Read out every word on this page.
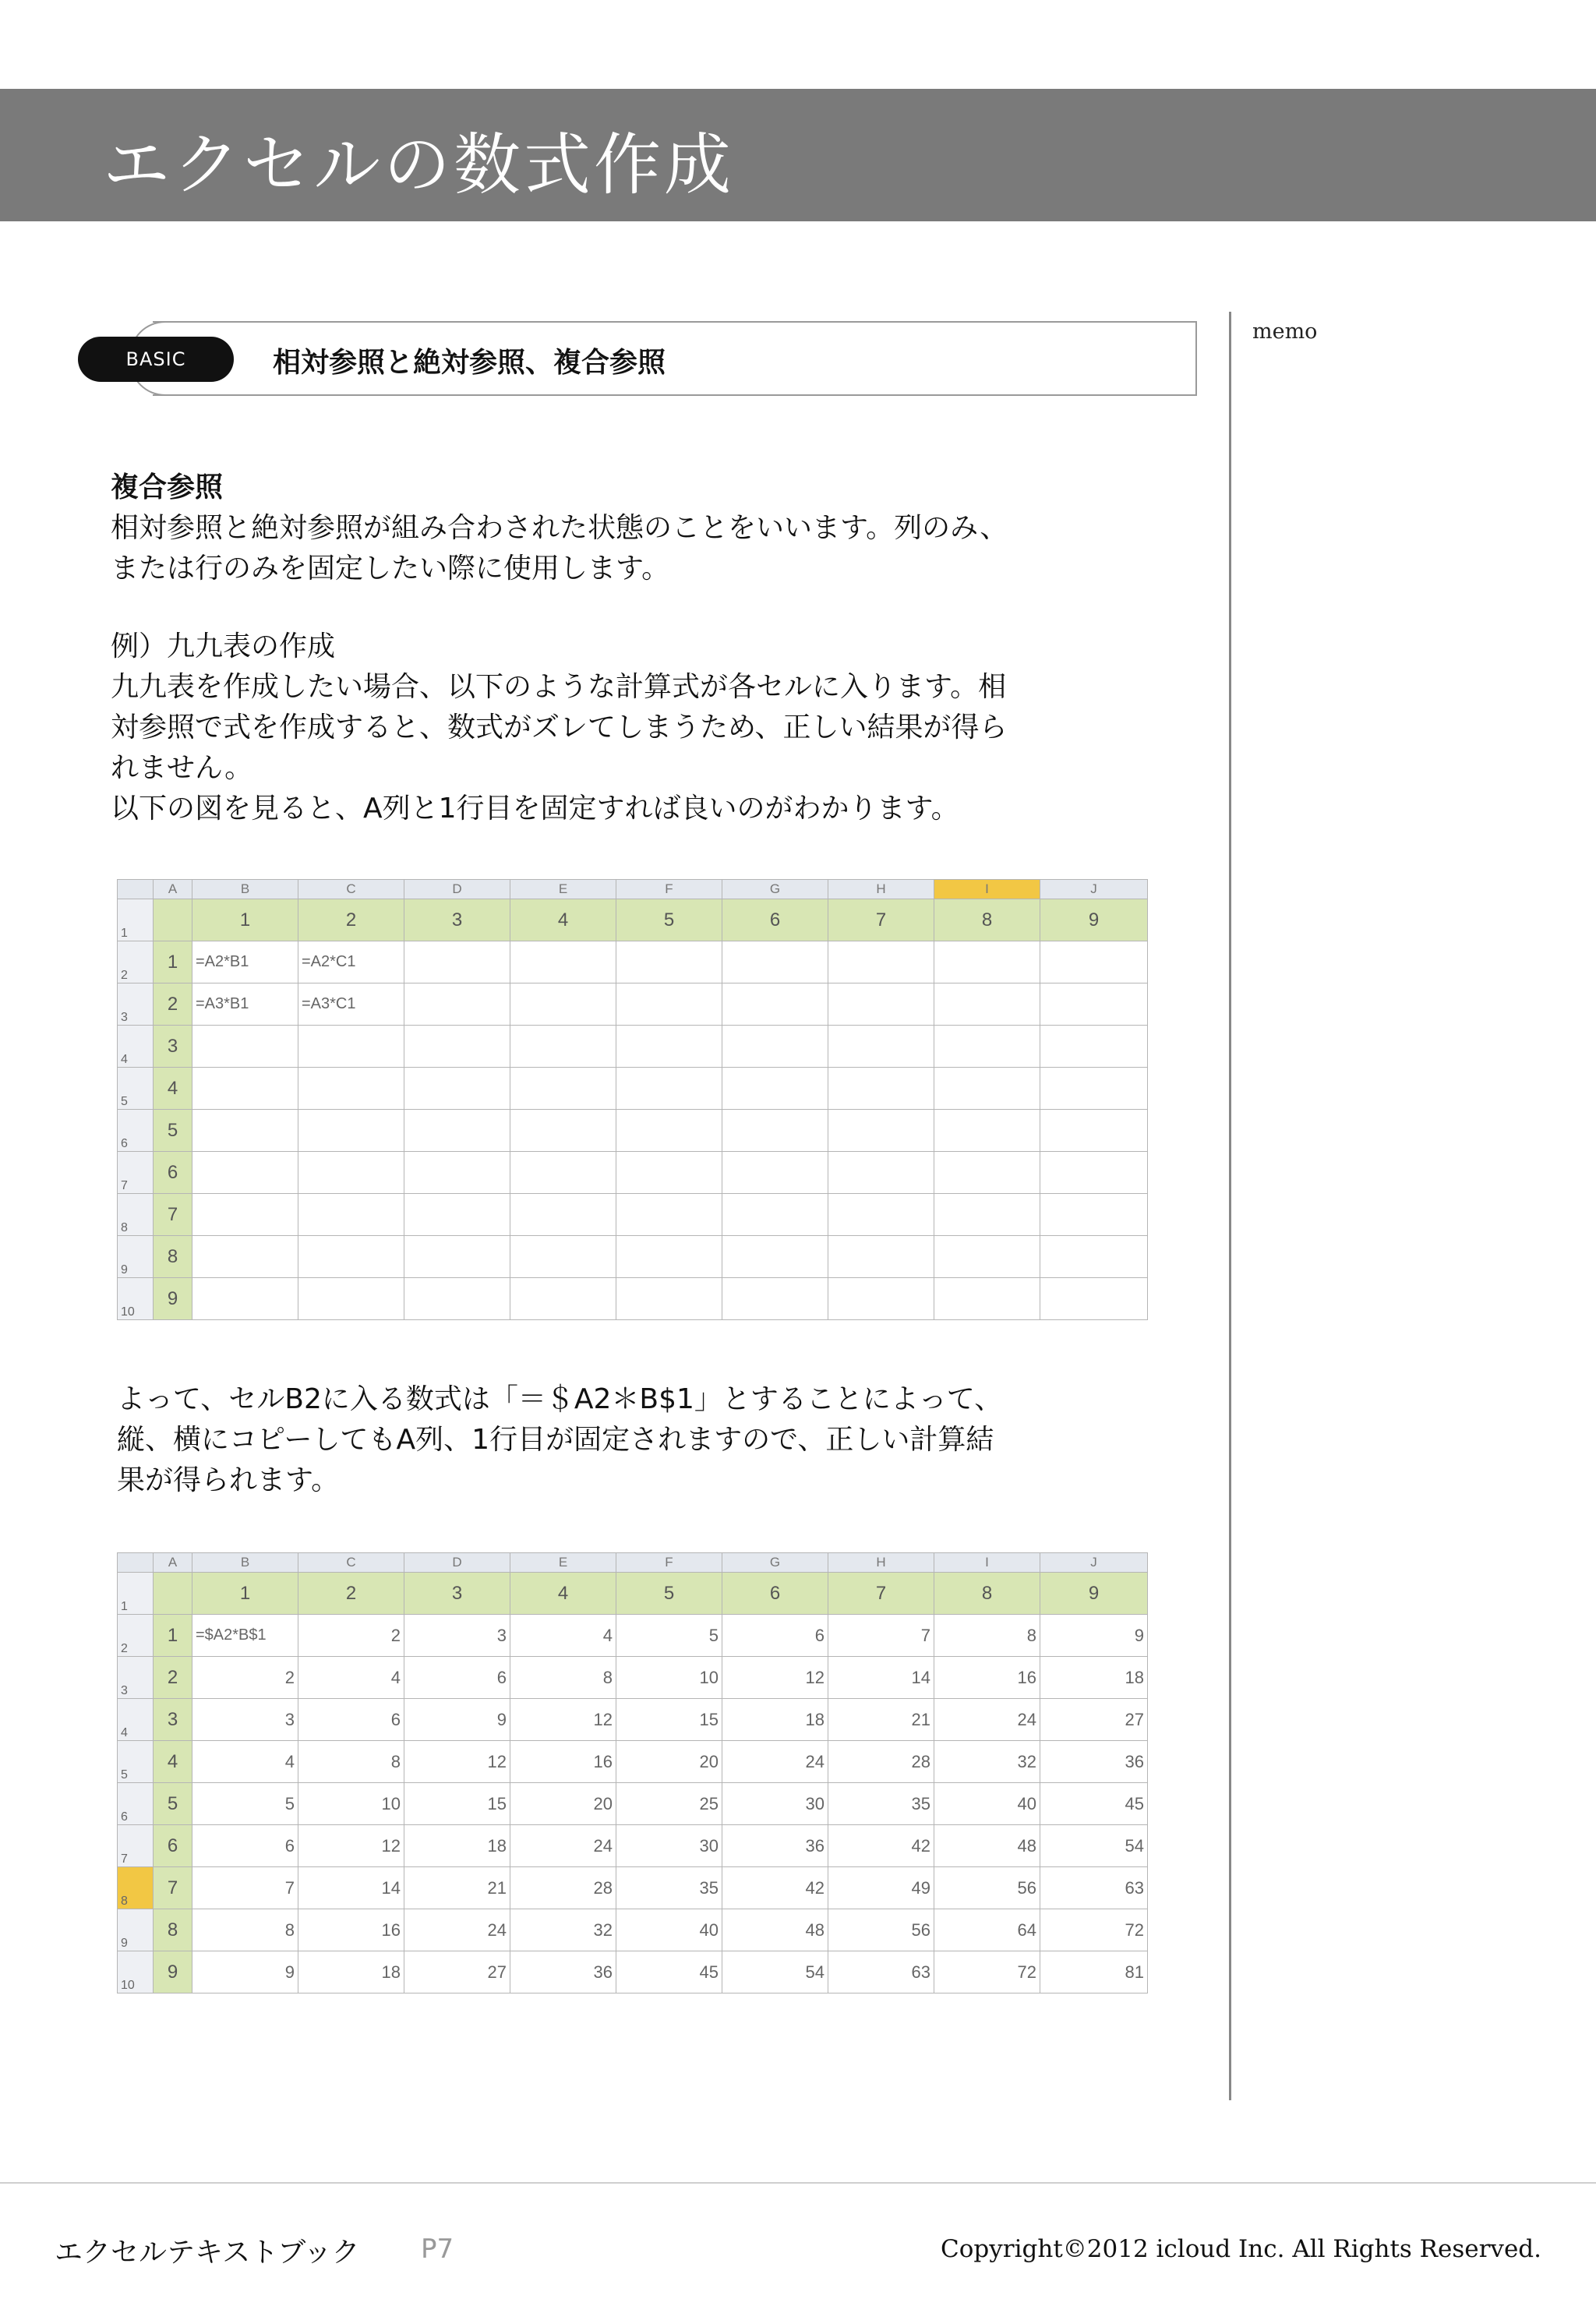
エクセルの数式作成
BASIC	相対参照と絶対参照、複合参照
memo
複合参照
相対参照と絶対参照が組み合わされた状態のことをいいます。列のみ、
または行のみを固定したい際に使用します。
例）九九表の作成
九九表を作成したい場合、以下のような計算式が各セルに入ります。相
対参照で式を作成すると、数式がズレてしまうため、正しい結果が得ら
れません。
以下の図を見ると、A列と1行目を固定すれば良いのがわかります。
	A	B	C	D	E	F	G	H	I	J
1		1	2	3	4	5	6	7	8	9
2	1	=A2*B1	=A2*C1							
3	2	=A3*B1	=A3*C1							
4	3									
5	4									
6	5									
7	6									
8	7									
9	8									
10	9									
よって、セルB2に入る数式は「＝＄A2＊B$1」とすることによって、
縦、横にコピーしてもA列、1行目が固定されますので、正しい計算結
果が得られます。
	A	B	C	D	E	F	G	H	I	J
1		1	2	3	4	5	6	7	8	9
2	1	=$A2*B$1	2	3	4	5	6	7	8	9
3	2	2	4	6	8	10	12	14	16	18
4	3	3	6	9	12	15	18	21	24	27
5	4	4	8	12	16	20	24	28	32	36
6	5	5	10	15	20	25	30	35	40	45
7	6	6	12	18	24	30	36	42	48	54
8	7	7	14	21	28	35	42	49	56	63
9	8	8	16	24	32	40	48	56	64	72
10	9	9	18	27	36	45	54	63	72	81
エクセルテキストブック P7	Copyright©2012 icloud Inc. All Rights Reserved.
